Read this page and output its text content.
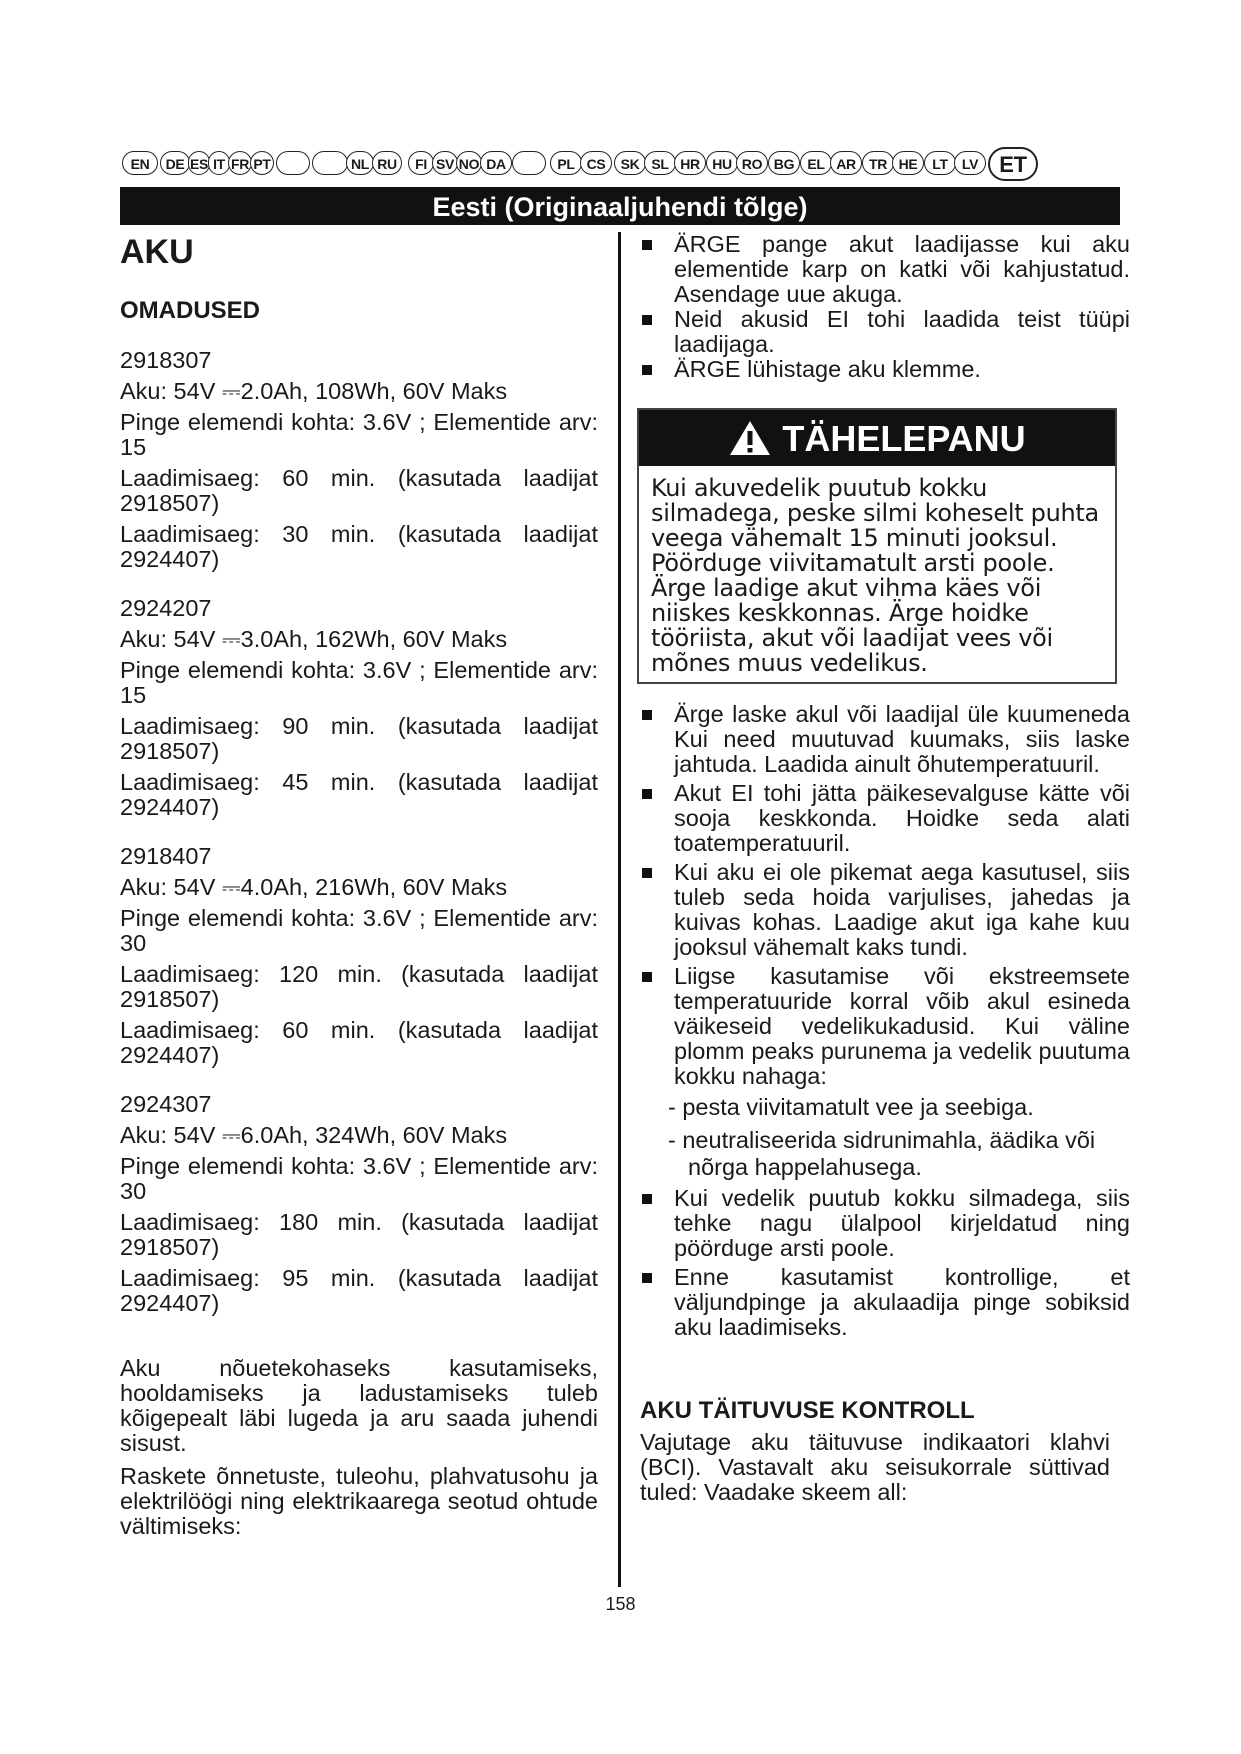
EN	DE ES IT FR PT	NL RU	FI SV NO DA	PL CS	SK SL HR HU RO BG EL AR TR HE	LT	LV ET
Eesti (Originaaljuhendi tõlge)
AKU
OMADUSED

2918307

Aku: 54V ⎓2.0Ah, 108Wh, 60V Maks

Pinge elemendi kohta: 3.6V ; Elementide arv: 15

Laadimisaeg: 60 min. (kasutada laadijat 2918507)

Laadimisaeg: 30 min. (kasutada laadijat 2924407)

2924207

Aku: 54V ⎓3.0Ah, 162Wh, 60V Maks

Pinge elemendi kohta: 3.6V ; Elementide arv: 15

Laadimisaeg: 90 min. (kasutada laadijat 2918507)

Laadimisaeg: 45 min. (kasutada laadijat 2924407)

2918407

Aku: 54V ⎓4.0Ah, 216Wh, 60V Maks

Pinge elemendi kohta: 3.6V ; Elementide arv: 30

Laadimisaeg: 120 min. (kasutada laadijat 2918507)

Laadimisaeg: 60 min. (kasutada laadijat 2924407)

2924307

Aku: 54V ⎓6.0Ah, 324Wh, 60V Maks

Pinge elemendi kohta: 3.6V ; Elementide arv: 30

Laadimisaeg: 180 min. (kasutada laadijat 2918507)

Laadimisaeg: 95 min. (kasutada laadijat 2924407)

Aku nõuetekohaseks kasutamiseks, hooldamiseks ja ladustamiseks tuleb kõigepealt läbi lugeda ja aru saada juhendi sisust.

Raskete õnnetuste, tuleohu, plahvatusohu ja elektrilöögi ning elektrikaarega seotud ohtude vältimiseks:

ÄRGE pange akut laadijasse kui aku elementide karp on katki või kahjustatud. Asendage uue akuga.
Neid akusid EI tohi laadida teist tüüpi laadijaga.
ÄRGE lühistage aku klemme.
TÄHELEPANU
Kui akuvedelik puutub kokku silmadega, peske silmi koheselt puhta veega vähemalt 15 minuti jooksul. Pöörduge viivitamatult arsti poole. Ärge laadige akut vihma käes või niiskes keskkonnas. Ärge hoidke tööriista, akut või laadijat vees või mõnes muus vedelikus.
Ärge laske akul või laadijal üle kuumeneda Kui need muutuvad kuumaks, siis laske jahtuda. Laadida ainult õhutemperatuuril.
Akut EI tohi jätta päikesevalguse kätte või sooja keskkonda. Hoidke seda alati toatemperatuuril.
Kui aku ei ole pikemat aega kasutusel, siis tuleb seda hoida varjulises, jahedas ja kuivas kohas. Laadige akut iga kahe kuu jooksul vähemalt kaks tundi.
Liigse kasutamise või ekstreemsete temperatuuride korral võib akul esineda väikeseid vedelikukadusid. Kui väline plomm peaks purunema ja vedelik puutuma kokku nahaga:

- pesta viivitamatult vee ja seebiga.

- neutraliseerida sidrunimahla, äädika või

nõrga happelahusega.

Kui vedelik puutub kokku silmadega, siis tehke nagu ülalpool kirjeldatud ning pöörduge arsti poole.
Enne kasutamist kontrollige, et väljundpinge ja akulaadija pinge sobiksid aku laadimiseks.
AKU TÄITUVUSE KONTROLL

Vajutage aku täituvuse indikaatori klahvi (BCI). Vastavalt aku seisukorrale süttivad tuled: Vaadake skeem all:

158
